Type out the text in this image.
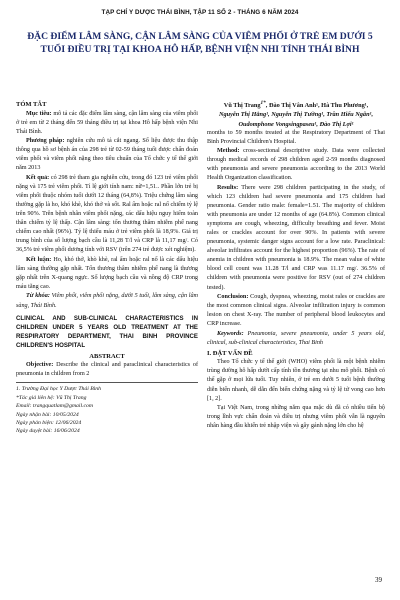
TẠP CHÍ Y DƯỢC THÁI BÌNH, TẬP 11 SỐ 2 - THÁNG 6 NĂM 2024
ĐẶC ĐIỂM LÂM SÀNG, CẬN LÂM SÀNG CỦA VIÊM PHỔI Ở TRẺ EM DƯỚI 5 TUỔI ĐIỀU TRỊ TẠI KHOA HÔ HẤP, BỆNH VIỆN NHI TỈNH THÁI BÌNH

TÓM TẮT

Mục tiêu: mô tả các đặc điểm lâm sàng, cận lâm sàng của viêm phổi ở trẻ em từ 2 tháng đến 59 tháng điều trị tại khoa Hô hấp bệnh viện Nhi Thái Bình.

Phương pháp: nghiên cứu mô tả cắt ngang. Số liệu được thu thập thông qua hồ sơ bệnh án của 298 trẻ từ 02-59 tháng tuổi được chẩn đoán viêm phổi và viêm phổi nặng theo tiêu chuẩn của Tổ chức y tế thế giới năm 2013

Kết quả: có 298 trẻ tham gia nghiên cứu, trong đó 123 trẻ viêm phổi nặng và 175 trẻ viêm phổi. Tỉ lệ giới tính nam: nữ=1,51.. Phần lớn trẻ bị viêm phổi thuộc nhóm tuổi dưới 12 tháng (64,8%). Triệu chứng lâm sàng thường gặp là ho, khó khè, khó thở và sốt. Ral ẩm hoặc ral nổ chiếm tỷ lệ trên 90%. Trên bệnh nhân viêm phổi nặng, các dấu hiệu nguy hiểm toàn thân chiếm tỷ lệ thấp. Cận lâm sàng: tổn thương thâm nhiễm phế nang chiếm cao nhất (96%). Tỷ lệ thiếu máu ở trẻ viêm phổi là 18,9%. Giá trị trung bình của số lượng bạch cầu là 11,28 T/l và CRP là 11,17 mg/. Có 36,5% trẻ viêm phổi dương tính với RSV (trên 274 trẻ được xét nghiệm).

Kết luận: Ho, khó thở, khò khè, ral ẩm hoặc ral nổ là các dấu hiệu lâm sàng thường gặp nhất. Tổn thương thâm nhiễm phế nang là thương gặp nhất trên X-quang ngực. Số lượng bạch cầu và nồng độ CRP trong máu tăng cao.

Từ khóa: Viêm phổi, viêm phổi nặng, dưới 5 tuổi, lâm sàng, cận lâm sàng, Thái Bình.

CLINICAL AND SUB-CLINICAL CHARACTERISTICS IN CHILDREN UNDER 5 YEARS OLD TREATMENT AT THE RESPIRATORY DEPARTMENT, THAI BINH PROVINCE CHILDREN'S HOSPITAL

ABSTRACT

Objective: Describe the clinical and paraclinical characteristics of pneumonia in children from 2

1. Trường Đại học Y Dược Thái Bình
*Tác giả liên hệ: Vũ Thị Trang
Email: trangquatlam@gmail.com
Ngày nhận bài: 10/05/2024
Ngày phản biện: 12/06/2024
Ngày duyệt bài: 16/06/2024
Vũ Thị Trang$^{1*}$, Đào Thị Vân Anh¹, Hà Thu Phương¹,
Nguyễn Thị Hằng¹, Nguyễn Thị Tường¹, Trần Hiếu Ngân¹,
Oudomphone Vongsingpaseu¹, Đào Thị Lợi¹

months to 59 months treated at the Respiratory Department of Thai Binh Provincial Children's Hospital.

Method: cross-sectional descriptive study. Data were collected through medical records of 298 children aged 2-59 months diagnosed with pneumonia and severe pneumonia according to the 2013 World Health Organization classification.

Results: There were 298 children participating in the study, of which 123 children had severe pneumonia and 175 children had pneumonia. Gender ratio male: female=1.51. The majority of children with pneumonia are under 12 months of age (64.8%). Common clinical symptoms are cough, wheezing, difficulty breathing and fever. Moist rales or crackles account for over 90%. In patients with severe pneumonia, systemic danger signs account for a low rate. Paraclinical: alveolar infiltrates account for the highest proportion (96%). The rate of anemia in children with pneumonia is 18.9%. The mean value of white blood cell count was 11.28 T/l and CRP was 11.17 mg/. 36.5% of children with pneumonia were positive for RSV (out of 274 children tested).

Conclusion: Cough, dyspnea, wheezing, moist rales or crackles are the most common clinical signs. Alveolar infiltration injury is common lesion on chest X-ray. The number of peripheral blood leukocytes and CRP increase.

Keywords: Pneumonia, severe pneumonia, under 5 years old, clinical, sub-clinical characteristics, Thai Binh

I. ĐẶT VẤN ĐỀ

Theo Tổ chức y tế thế giới (WHO) viêm phổi là một bệnh nhiễm trùng đường hô hấp dưới cấp tính tồn thương tại nhu mô phổi. Bệnh có thể gặp ở mọi lứa tuổi. Tuy nhiên, ở trẻ em dưới 5 tuổi bệnh thường diễn biến nhanh, dễ dẫn đến biến chứng nặng và tỷ lệ tử vong cao hơn [1, 2].

Tại Việt Nam, trong những năm qua mặc dù đã có nhiều tiến bộ trong lĩnh vực chẩn đoán và điều trị nhưng viêm phổi vẫn là nguyên nhân hàng đầu khiến trẻ nhập viện và gây gánh nặng lớn cho hệ

39
